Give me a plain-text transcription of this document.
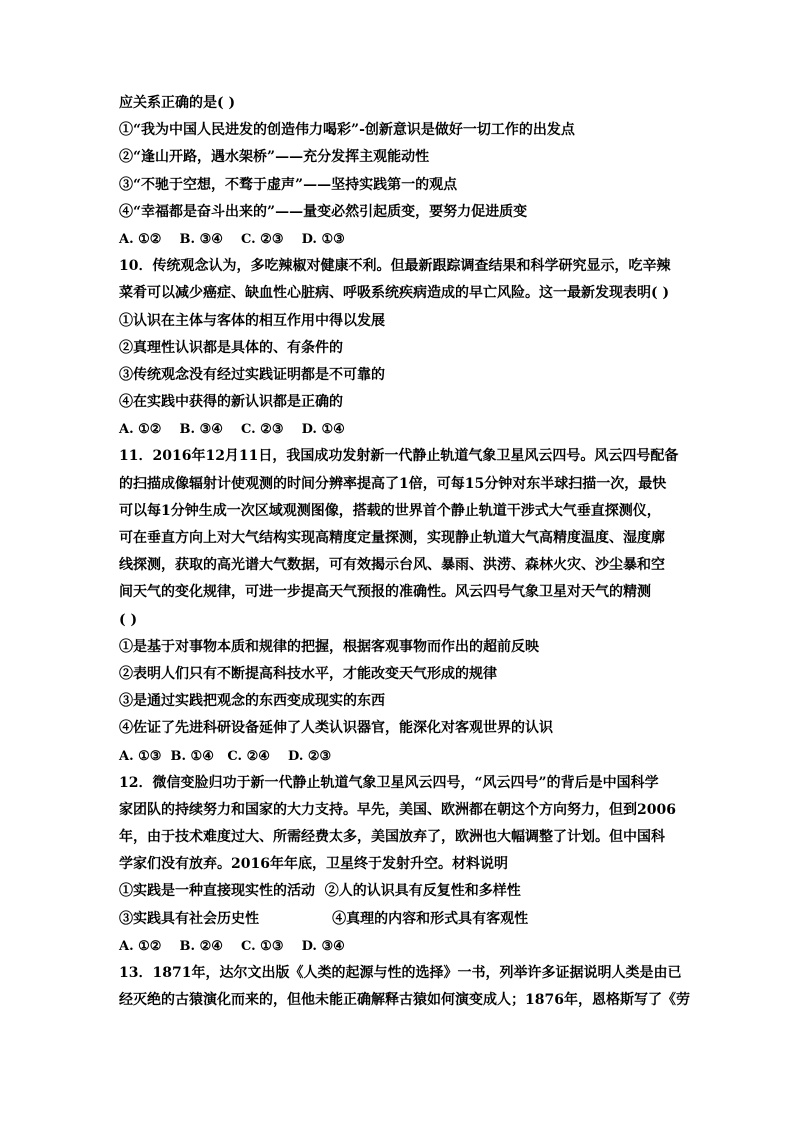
应关系正确的是( )
①“我为中国人民进发的创造伟力喝彩”-创新意识是做好一切工作的出发点
②“逢山开路，遇水架桥”——充分发挥主观能动性
③“不驰于空想，不骛于虚声”——坚持实践第一的观点
④“幸福都是奋斗出来的”——量变必然引起质变，要努力促进质变
A. ①②    B. ③④    C. ②③    D. ①③
10．传统观念认为，多吃辣椒对健康不利。但最新跟踪调查结果和科学研究显示，吃辛辣
菜肴可以减少癌症、缺血性心脏病、呼吸系统疾病造成的早亡风险。这一最新发现表明( )
①认识在主体与客体的相互作用中得以发展
②真理性认识都是具体的、有条件的
③传统观念没有经过实践证明都是不可靠的
④在实践中获得的新认识都是正确的
A. ①②    B. ③④    C. ②③    D. ①④
11．2016年12月11日，我国成功发射新一代静止轨道气象卫星风云四号。风云四号配备
的扫描成像辐射计使观测的时间分辨率提高了1倍，可每15分钟对东半球扫描一次，最快
可以每1分钟生成一次区域观测图像，搭载的世界首个静止轨道干涉式大气垂直探测仪，
可在垂直方向上对大气结构实现高精度定量探测，实现静止轨道大气高精度温度、湿度廓
线探测，获取的高光谱大气数据，可有效揭示台风、暴雨、洪涝、森林火灾、沙尘暴和空
间天气的变化规律，可进一步提高天气预报的准确性。风云四号气象卫星对天气的精测
( )
①是基于对事物本质和规律的把握，根据客观事物而作出的超前反映
②表明人们只有不断提高科技水平，才能改变天气形成的规律
③是通过实践把观念的东西变成现实的东西
④佐证了先进科研设备延伸了人类认识器官，能深化对客观世界的认识
A. ①③  B. ①④   C. ②④    D. ②③
12．微信变脸归功于新一代静止轨道气象卫星风云四号，“风云四号”的背后是中国科学
家团队的持续努力和国家的大力支持。早先，美国、欧洲都在朝这个方向努力，但到2006
年，由于技术难度过大、所需经费太多，美国放弃了，欧洲也大幅调整了计划。但中国科
学家们没有放弃。2016年年底，卫星终于发射升空。材料说明
①实践是一种直接现实性的活动  ②人的认识具有反复性和多样性
③实践具有社会历史性               ④真理的内容和形式具有客观性
A. ①②    B. ②④    C. ①③    D. ③④
13．1871年，达尔文出版《人类的起源与性的选择》一书，列举许多证据说明人类是由已
经灭绝的古猿演化而来的，但他未能正确解释古猿如何演变成人；1876年，恩格斯写了《劳
